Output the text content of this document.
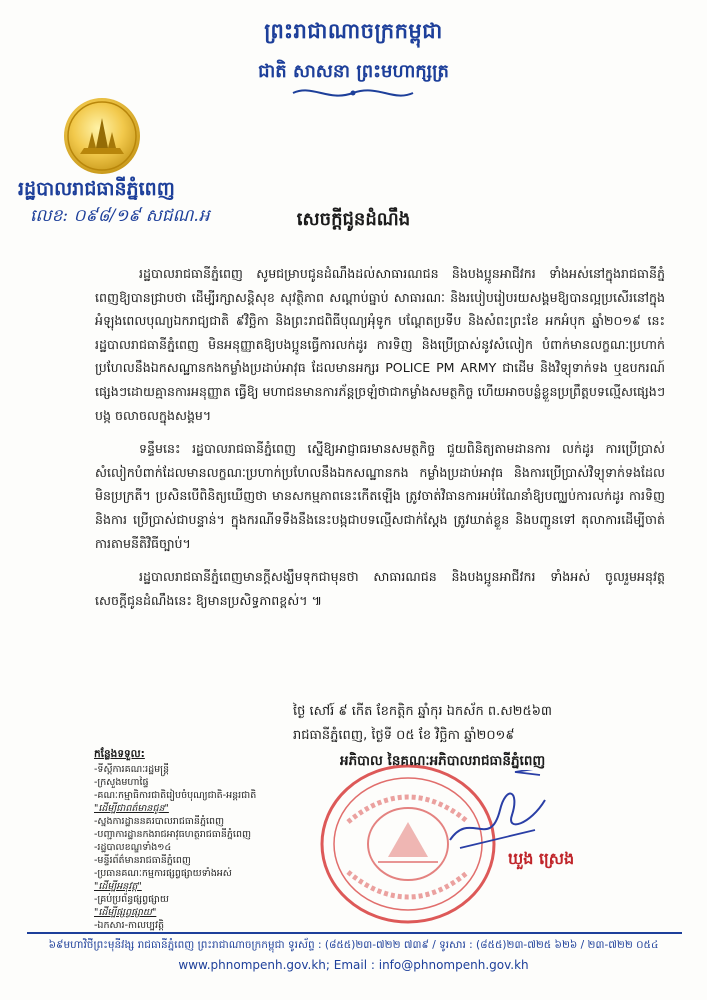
ព្រះរាជាណាចក្រកម្ពុជា
ជាតិ សាសនា ព្រះមហាក្សត្រ
រដ្ឋបាលរាជធានីភ្នំពេញ
លេខ: ០៩៨/១៩ សជណ.អ	សេចក្តីជូនដំណឹង

រដ្ឋបាលរាជធានីភ្នំពេញ សូមជម្រាបជូនដំណឹងដល់សាធារណជន និងបងប្អូនអាជីវករ ទាំងអស់នៅក្នុងរាជធានីភ្នំពេញឱ្យបានជ្រាបថា ដើម្បីរក្សាសន្តិសុខ សុវត្ថិភាព សណ្តាប់ធ្នាប់ សាធារណៈ និងរបៀបរៀបរយសង្គមឱ្យបានល្អប្រសើរនៅក្នុងអំឡុងពេលបុណ្យឯករាជ្យជាតិ ៩វិច្ឆិកា និងព្រះរាជពិធីបុណ្យអុំទូក បណ្តែតប្រទីប និងសំពះព្រះខែ អកអំបុក ឆ្នាំ២០១៩ នេះ រដ្ឋបាលរាជធានីភ្នំពេញ មិនអនុញ្ញាតឱ្យបងប្អូនធ្វើការលក់ដូរ ការទិញ និងប្រើប្រាស់នូវសំលៀក បំពាក់មានលក្ខណៈប្រហាក់ប្រហែលនឹងឯកសណ្ឋានកងកម្លាំងប្រដាប់អាវុធ ដែលមានអក្សរ POLICE PM ARMY ជាដើម និងវិទ្យុទាក់ទង ឬឧបករណ៍ផ្សេងៗដោយគ្មានការអនុញ្ញាត ធ្វើឱ្យ មហាជនមានការភ័ន្តច្រឡំថាជាកម្លាំងសមត្ថកិច្ច ហើយអាចបន្លំខ្លួនប្រព្រឹត្តបទល្មើសផ្សេងៗបង្ក ចលាចលក្នុងសង្គម។

ទន្ទឹមនេះ រដ្ឋបាលរាជធានីភ្នំពេញ ស្នើឱ្យអាជ្ញាធរមានសមត្ថកិច្ច ជួយពិនិត្យតាមដានការ លក់ដូរ ការប្រើប្រាស់សំលៀកបំពាក់ដែលមានលក្ខណៈប្រហាក់ប្រហែលនឹងឯកសណ្ឋានកង កម្លាំងប្រដាប់អាវុធ និងការប្រើប្រាស់វិទ្យុទាក់ទងដែលមិនប្រក្រតី។ ប្រសិនបើពិនិត្យឃើញថា មានសកម្មភាពនេះកើតឡើង ត្រូវចាត់វិធានការអប់រំណែនាំឱ្យបញ្ឈប់ការលក់ដូរ ការទិញ និងការ ប្រើប្រាស់ជាបន្ទាន់។ ក្នុងករណីទទឹងនឹងនេះបង្កជាបទល្មើសជាក់ស្តែង ត្រូវឃាត់ខ្លួន និងបញ្ជូនទៅ តុលាការដើម្បីចាត់ការតាមនីតិវិធីច្បាប់។

រដ្ឋបាលរាជធានីភ្នំពេញមានក្តីសង្ឃឹមទុកជាមុនថា សាធារណជន និងបងប្អូនអាជីវករ ទាំងអស់ ចូលរួមអនុវត្តសេចក្តីជូនដំណឹងនេះ ឱ្យមានប្រសិទ្ធភាពខ្ពស់។ ៕

ថ្ងៃ សៅរ៍ ៩ កើត ខែកត្តិក ឆ្នាំកុរ ឯកស័ក ព.ស២៥៦៣
រាជធានីភ្នំពេញ, ថ្ងៃទី ០៥ ខែ វិច្ឆិកា ឆ្នាំ២០១៩
អភិបាល នៃគណៈអភិបាលរាជធានីភ្នំពេញ
ឃួង ស្រេង
កន្លែងទទួល:
-ទីស្តីការគណៈរដ្ឋមន្ត្រី
-ក្រសួងមហាផ្ទៃ
-គណៈកម្មាធិការជាតិរៀបចំបុណ្យជាតិ-អន្តរជាតិ
"ដើម្បីជាពត៌មានជូន"
-ស្នងការដ្ឋាននគរបាលរាជធានីភ្នំពេញ
-បញ្ជាការដ្ឋានកងរាជអាវុធហត្ថរាជធានីភ្នំពេញ
-រដ្ឋបាលខណ្ឌទាំង១៤
-មន្ទីរព័ត៌មានរាជធានីភ្នំពេញ
-ប្រធានគណៈកម្មការផ្សព្វផ្សាយទាំងអស់
"ដើម្បីអនុវត្ត"
-គ្រប់ប្រព័ន្ធផ្សព្វផ្សាយ
"ដើម្បីផ្សព្វផ្សាយ"
-ឯកសារ-កាលប្បវត្តិ
៦៩មហាវិថីព្រះមុនីវង្ស រាជធានីភ្នំពេញ ព្រះរាជាណាចក្រកម្ពុជា ទូរស័ព្ទ : (៨៥៥)២៣-៧២២ ៧៣៩ / ទូរសារ : (៨៥៥)២៣-៧២៥ ៦២៦ / ២៣-៧២២ ០៥៤
www.phnompenh.gov.kh; Email : info@phnompenh.gov.kh
